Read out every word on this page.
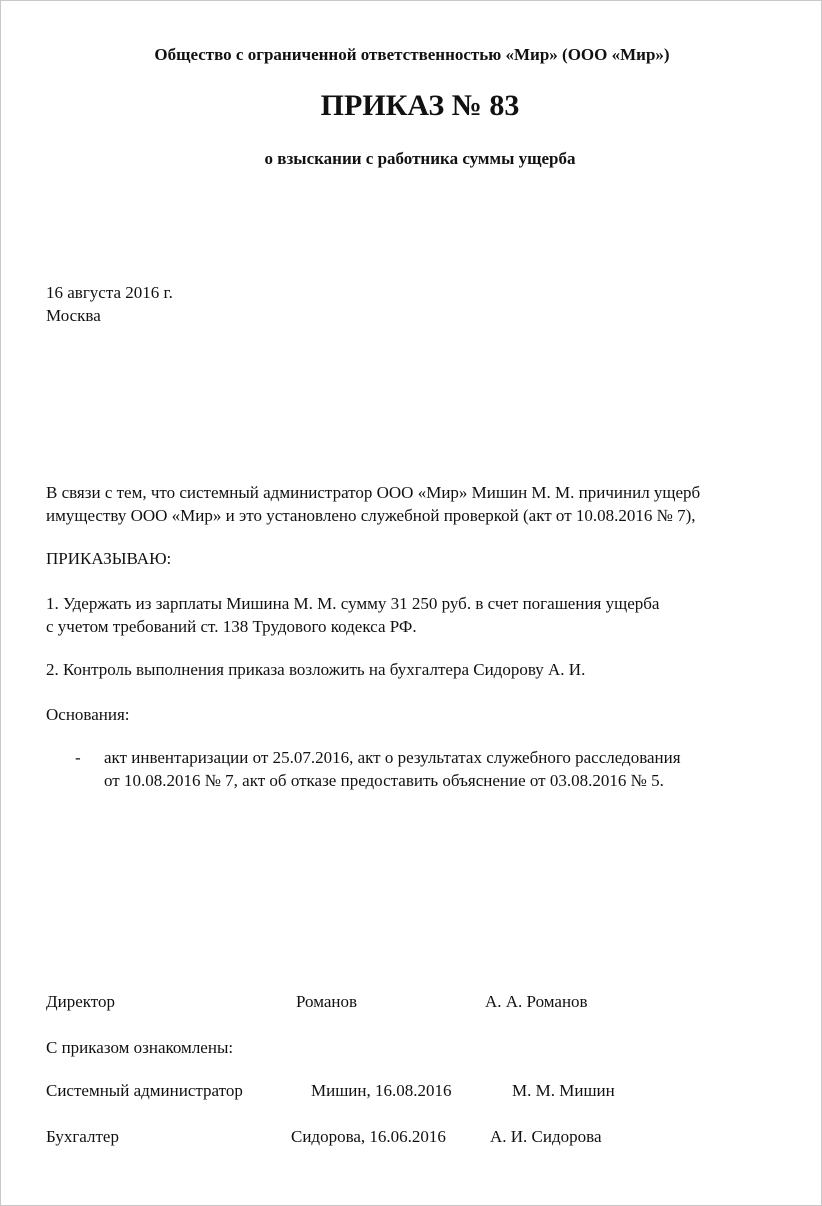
Общество с ограниченной ответственностью «Мир» (ООО «Мир»)
ПРИКАЗ № 83
о взыскании с работника суммы ущерба
16 августа 2016 г.
Москва
В связи с тем, что системный администратор ООО «Мир» Мишин М. М. причинил ущерб
имуществу ООО «Мир» и это установлено служебной проверкой (акт от 10.08.2016 № 7),
ПРИКАЗЫВАЮ:
1. Удержать из зарплаты Мишина М. М. сумму 31 250 руб. в счет погашения ущерба
с учетом требований ст. 138 Трудового кодекса РФ.
2. Контроль выполнения приказа возложить на бухгалтера Сидорову А. И.
Основания:
- акт инвентаризации от 25.07.2016, акт о результатах служебного расследования
от 10.08.2016 № 7, акт об отказе предоставить объяснение от 03.08.2016 № 5.
Директор	Романов	А. А. Романов
С приказом ознакомлены:
Системный администратор	Мишин, 16.08.2016	М. М. Мишин
Бухгалтер	Сидорова, 16.06.2016	А. И. Сидорова
